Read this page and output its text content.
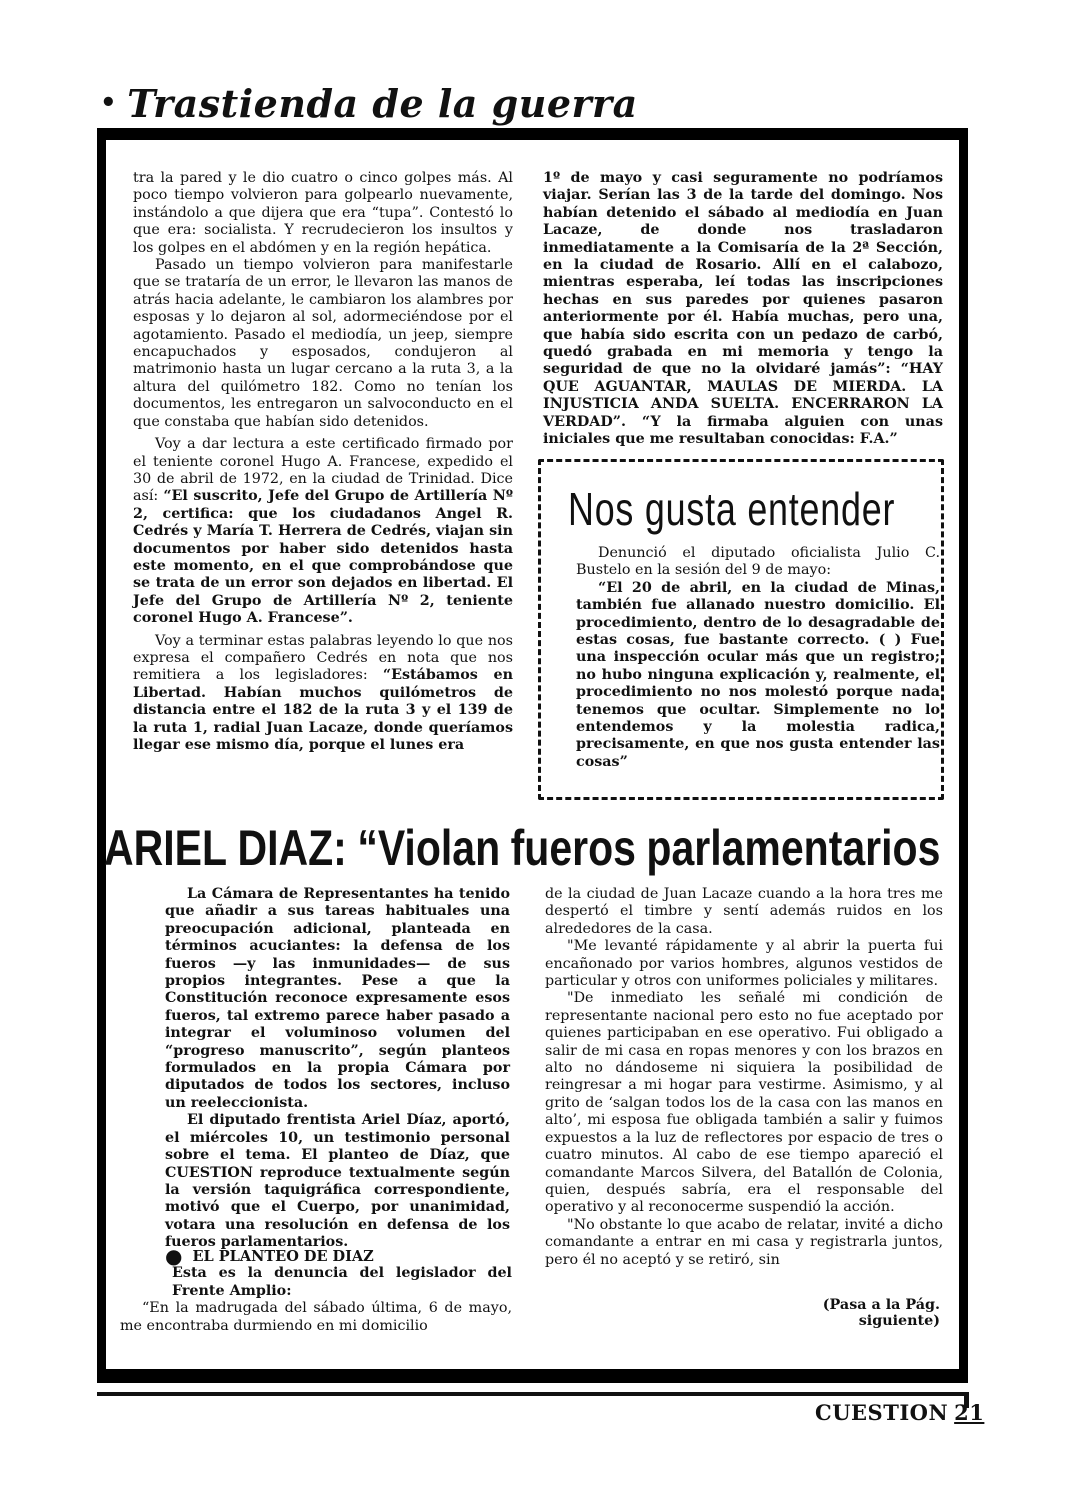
• Trastienda de la guerra

tra la pared y le dio cuatro o cinco golpes más. Al poco tiempo volvieron para golpearlo nuevamente, instándolo a que dijera que era “tupa”. Contestó lo que era: socialista. Y recrudecieron los insultos y los golpes en el abdómen y en la región hepática.

Pasado un tiempo volvieron para manifestarle que se trataría de un error, le llevaron las manos de atrás hacia adelante, le cambiaron los alambres por esposas y lo dejaron al sol, adormeciéndose por el agotamiento. Pasado el mediodía, un jeep, siempre encapuchados y esposados, condujeron al matrimonio hasta un lugar cercano a la ruta 3, a la altura del quilómetro 182. Como no tenían los documentos, les entregaron un salvoconducto en el que constaba que habían sido detenidos.

Voy a dar lectura a este certificado firmado por el teniente coronel Hugo A. Francese, expedido el 30 de abril de 1972, en la ciudad de Trinidad. Dice así: “El suscrito, Jefe del Grupo de Artillería Nº 2, certifica: que los ciudadanos Angel R. Cedrés y María T. Herrera de Cedrés, viajan sin documentos por haber sido detenidos hasta este momento, en el que comprobándose que se trata de un error son dejados en libertad. El Jefe del Grupo de Artillería Nº 2, teniente coronel Hugo A. Francese”.

Voy a terminar estas palabras leyendo lo que nos expresa el compañero Cedrés en nota que nos remitiera a los legisladores: “Estábamos en Libertad. Habían muchos quilómetros de distancia entre el 182 de la ruta 3 y el 139 de la ruta 1, radial Juan Lacaze, donde queríamos llegar ese mismo día, porque el lunes era

1º de mayo y casi seguramente no podríamos viajar. Serían las 3 de la tarde del domingo. Nos habían detenido el sábado al mediodía en Juan Lacaze, de donde nos trasladaron inmediatamente a la Comisaría de la 2ª Sección, en la ciudad de Rosario. Allí en el calabozo, mientras esperaba, leí todas las inscripciones hechas en sus paredes por quienes pasaron anteriormente por él. Había muchas, pero una, que había sido escrita con un pedazo de carbó, quedó grabada en mi memoria y tengo la seguridad de que no la olvidaré jamás”: “HAY QUE AGUANTAR, MAULAS DE MIERDA. LA INJUSTICIA ANDA SUELTA. ENCERRARON LA VERDAD”. “Y la firmaba alguien con unas iniciales que me resultaban conocidas: F.A.”

Nos gusta entender

Denunció el diputado oficialista Julio C. Bustelo en la sesión del 9 de mayo:

“El 20 de abril, en la ciudad de Minas, también fue allanado nuestro domicilio. El procedimiento, dentro de lo desagradable de estas cosas, fue bastante correcto. ( ) Fue una inspección ocular más que un registro; no hubo ninguna explicación y, realmente, el procedimiento no nos molestó porque nada tenemos que ocultar. Simplemente no lo entendemos y la molestia radica, precisamente, en que nos gusta entender las cosas”

ARIEL DIAZ: “Violan fueros parlamentarios

La Cámara de Representantes ha tenido que añadir a sus tareas habituales una preocupación adicional, planteada en términos acuciantes: la defensa de los fueros —y las inmunidades— de sus propios integrantes. Pese a que la Constitución reconoce expresamente esos fueros, tal extremo parece haber pasado a integrar el voluminoso volumen del “progreso manuscrito”, según planteos formulados en la propia Cámara por diputados de todos los sectores, incluso un reeleccionista.

El diputado frentista Ariel Díaz, aportó, el miércoles 10, un testimonio personal sobre el tema. El planteo de Díaz, que CUESTION reproduce textualmente según la versión taquigráfica correspondiente, motivó que el Cuerpo, por unanimidad, votara una resolución en defensa de los fueros parlamentarios.

● EL PLANTEO DE DIAZ

Esta es la denuncia del legislador del Frente Amplio:

“En la madrugada del sábado última, 6 de mayo, me encontraba durmiendo en mi domicilio

de la ciudad de Juan Lacaze cuando a la hora tres me despertó el timbre y sentí además ruidos en los alrededores de la casa.

"Me levanté rápidamente y al abrir la puerta fui encañonado por varios hombres, algunos vestidos de particular y otros con uniformes policiales y militares.

"De inmediato les señalé mi condición de representante nacional pero esto no fue aceptado por quienes participaban en ese operativo. Fui obligado a salir de mi casa en ropas menores y con los brazos en alto no dándoseme ni siquiera la posibilidad de reingresar a mi hogar para vestirme. Asimismo, y al grito de ‘salgan todos los de la casa con las manos en alto’, mi esposa fue obligada también a salir y fuimos expuestos a la luz de reflectores por espacio de tres o cuatro minutos. Al cabo de ese tiempo apareció el comandante Marcos Silvera, del Batallón de Colonia, quien, después sabría, era el responsable del operativo y al reconocerme suspendió la acción.

"No obstante lo que acabo de relatar, invité a dicho comandante a entrar en mi casa y registrarla juntos, pero él no aceptó y se retiró, sin

(Pasa a la Pág. siguiente)
CUESTION 21
